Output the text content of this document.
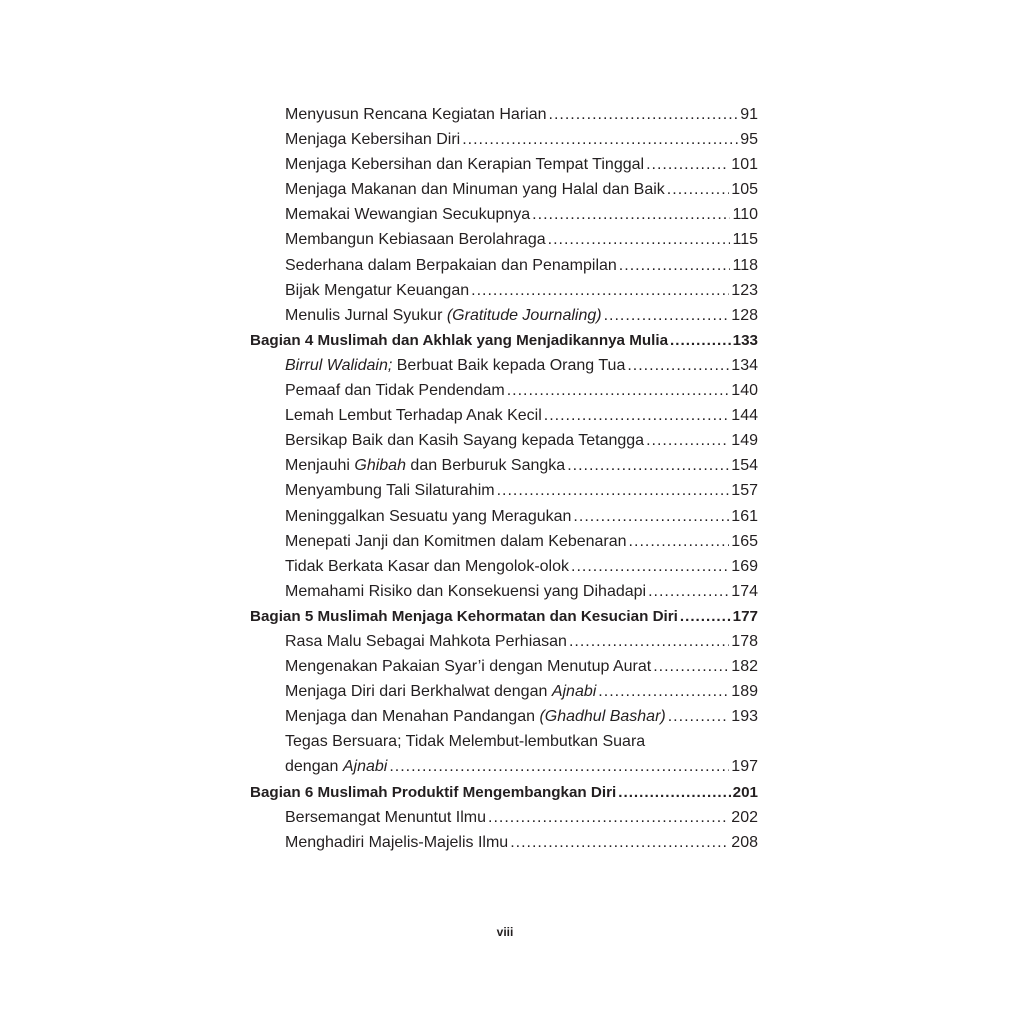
Menyusun Rencana Kegiatan Harian .....	91
Menjaga Kebersihan Diri .....	95
Menjaga Kebersihan dan Kerapian Tempat Tinggal .....	101
Menjaga Makanan dan Minuman yang Halal dan Baik .....	105
Memakai Wewangian Secukupnya .....	110
Membangun Kebiasaan Berolahraga .....	115
Sederhana dalam Berpakaian dan Penampilan .....	118
Bijak Mengatur Keuangan .....	123
Menulis Jurnal Syukur (Gratitude Journaling) .....	128
Bagian 4 Muslimah dan Akhlak yang Menjadikannya Mulia .....	133
Birrul Walidain; Berbuat Baik kepada Orang Tua .....	134
Pemaaf dan Tidak Pendendam .....	140
Lemah Lembut Terhadap Anak Kecil .....	144
Bersikap Baik dan Kasih Sayang kepada Tetangga .....	149
Menjauhi Ghibah dan Berburuk Sangka .....	154
Menyambung Tali Silaturahim .....	157
Meninggalkan Sesuatu yang Meragukan .....	161
Menepati Janji dan Komitmen dalam Kebenaran .....	165
Tidak Berkata Kasar dan Mengolok-olok .....	169
Memahami Risiko dan Konsekuensi yang Dihadapi .....	174
Bagian 5 Muslimah Menjaga Kehormatan dan Kesucian Diri .....	177
Rasa Malu Sebagai Mahkota Perhiasan .....	178
Mengenakan Pakaian Syar’i dengan Menutup Aurat .....	182
Menjaga Diri dari Berkhalwat dengan Ajnabi .....	189
Menjaga dan Menahan Pandangan (Ghadhul Bashar) .....	193
Tegas Bersuara; Tidak Melembut-lembutkan Suara
dengan Ajnabi .....	197
Bagian 6 Muslimah Produktif Mengembangkan Diri .....	201
Bersemangat Menuntut Ilmu .....	202
Menghadiri Majelis-Majelis Ilmu .....	208
viii
